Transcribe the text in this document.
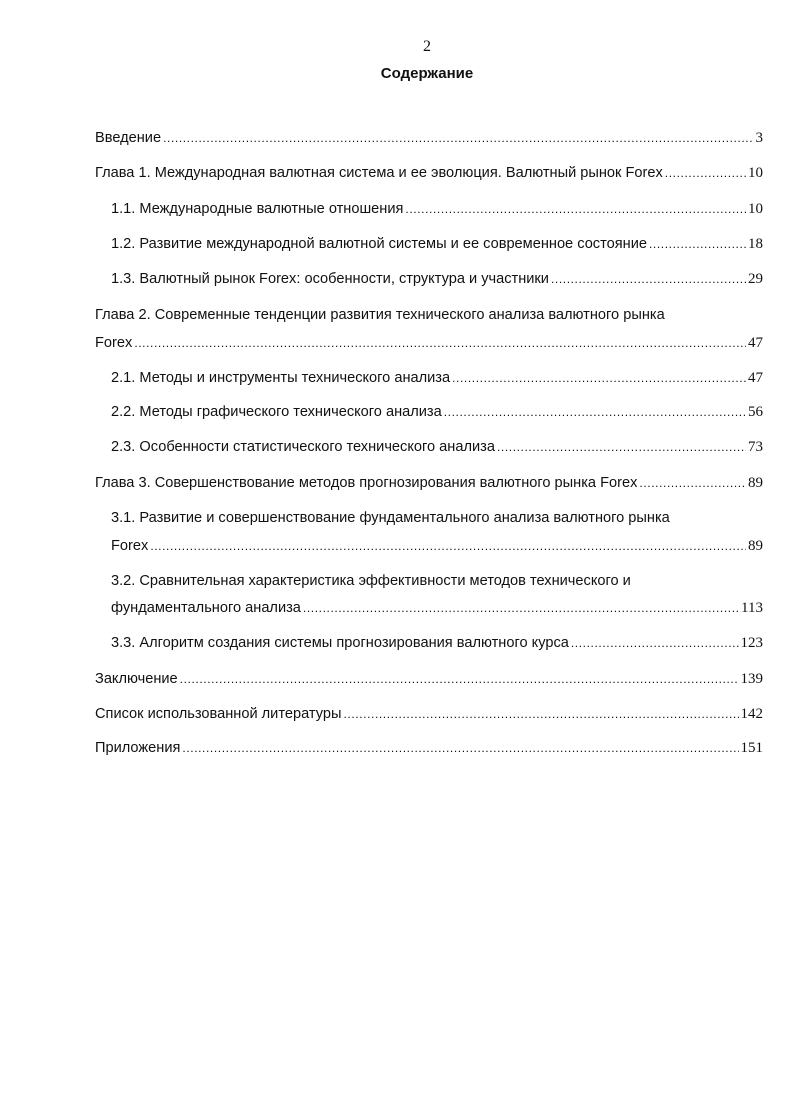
2
Содержание
Введение .....	3
Глава 1. Международная валютная система и ее эволюция. Валютный рынок Forex .....	10
1.1. Международные валютные отношения .....	10
1.2. Развитие международной валютной системы и ее современное состояние .....	18
1.3. Валютный рынок Forex: особенности, структура и участники .....	29
Глава 2. Современные тенденции развития технического анализа валютного рынка
Forex .....	47
2.1. Методы и инструменты технического анализа .....	47
2.2. Методы графического технического анализа .....	56
2.3. Особенности статистического технического анализа .....	73
Глава 3. Совершенствование методов прогнозирования валютного рынка Forex .....	89
3.1. Развитие и совершенствование фундаментального анализа валютного рынка
Forex .....	89
3.2. Сравнительная характеристика эффективности методов технического и
фундаментального анализа .....	113
3.3. Алгоритм создания системы прогнозирования валютного курса .....	123
Заключение .....	139
Список использованной литературы .....	142
Приложения .....	151
